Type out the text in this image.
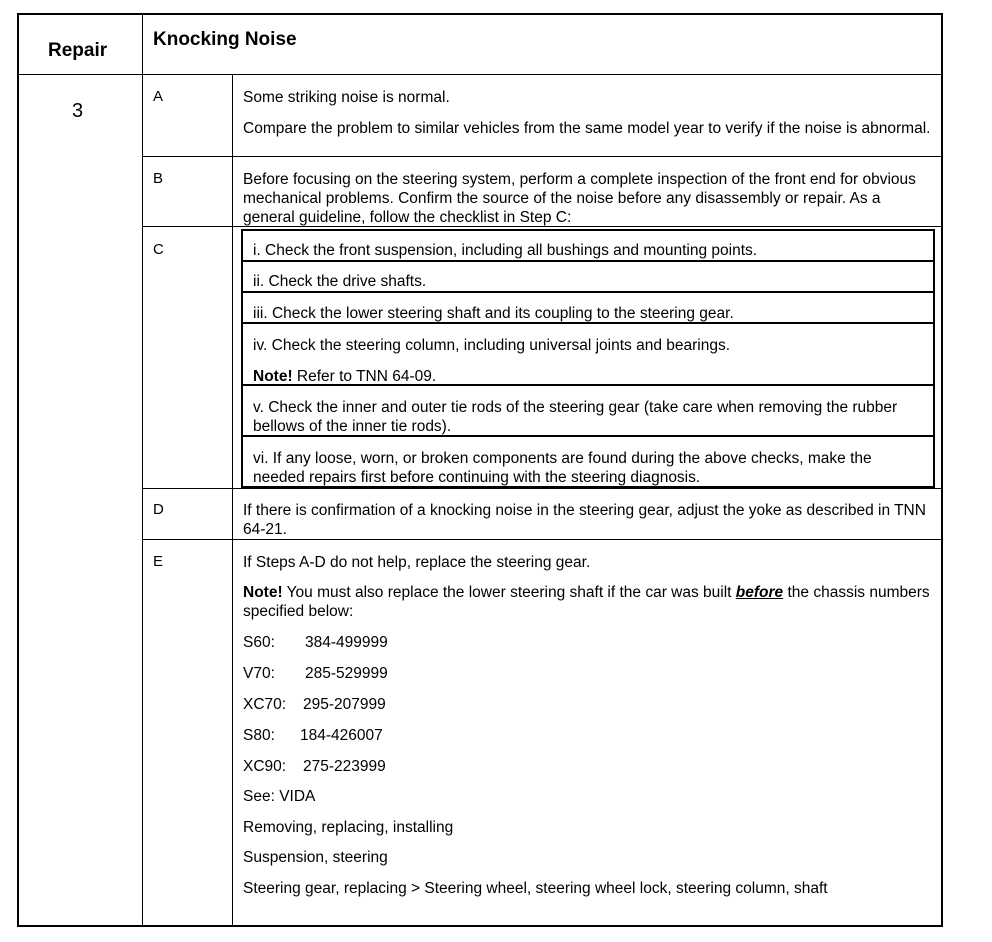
Repair
Knocking Noise
3
A
B
C
D
E
Some striking noise is normal.
Compare the problem to similar vehicles from the same model year to verify if the noise is abnormal.
Before focusing on the steering system, perform a complete inspection of the front end for obvious mechanical problems. Confirm the source of the noise before any disassembly or repair. As a general guideline, follow the checklist in Step C:
i. Check the front suspension, including all bushings and mounting points.
ii. Check the drive shafts.
iii. Check the lower steering shaft and its coupling to the steering gear.
iv. Check the steering column, including universal joints and bearings.
Note! Refer to TNN 64-09.
v. Check the inner and outer tie rods of the steering gear (take care when removing the rubber bellows of the inner tie rods).
vi. If any loose, worn, or broken components are found during the above checks, make the needed repairs first before continuing with the steering diagnosis.
If there is confirmation of a knocking noise in the steering gear, adjust the yoke as described in TNN 64-21.
If Steps A-D do not help, replace the steering gear.
Note! You must also replace the lower steering shaft if the car was built before the chassis numbers specified below:
S60: 384-499999
V70: 285-529999
XC70: 295-207999
S80: 184-426007
XC90: 275-223999
See: VIDA
Removing, replacing, installing
Suspension, steering
Steering gear, replacing > Steering wheel, steering wheel lock, steering column, shaft
